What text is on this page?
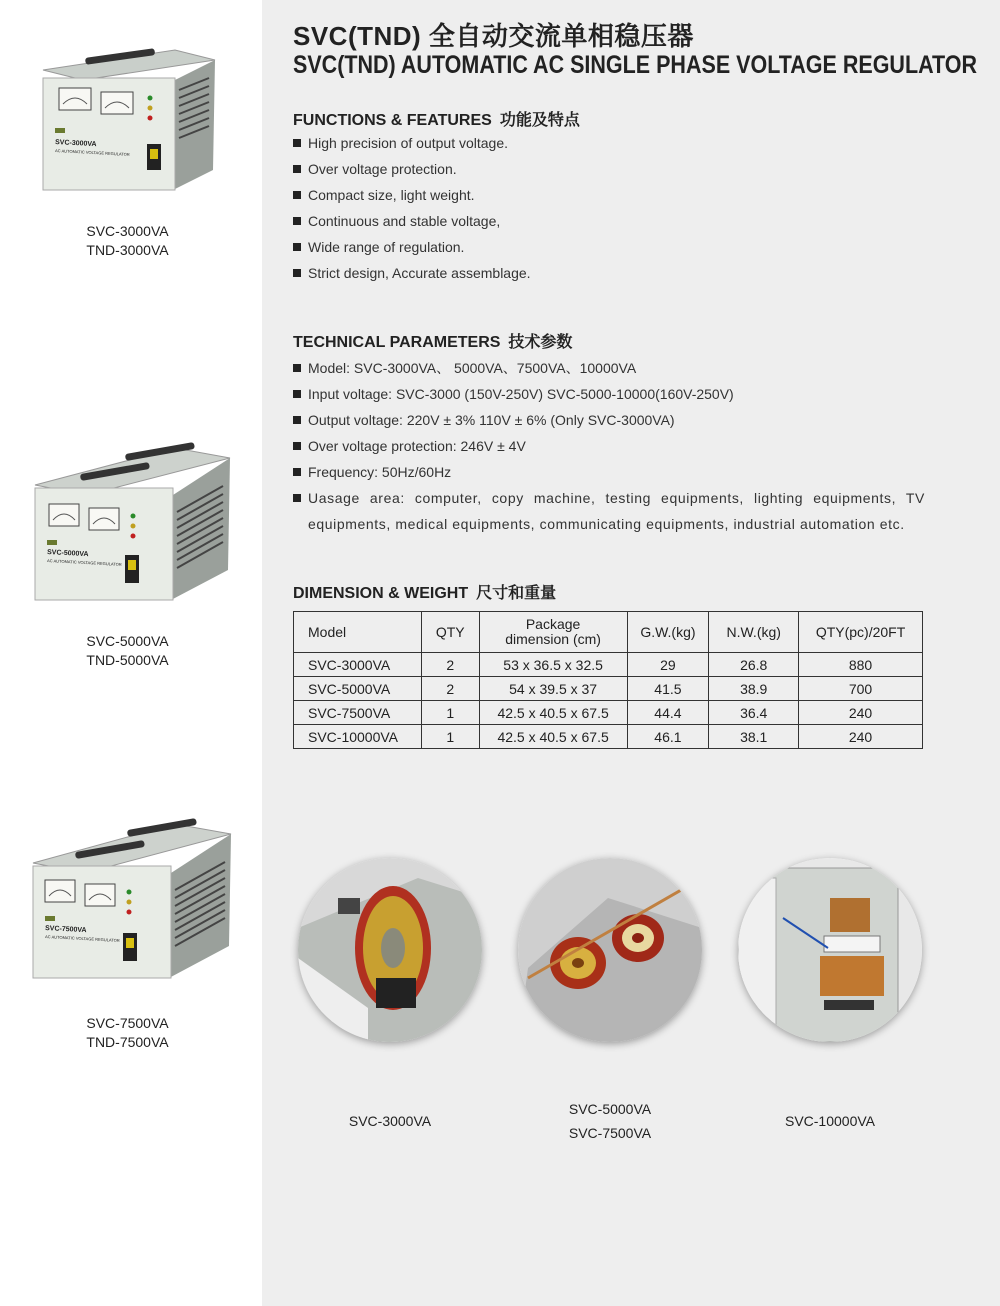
SVC-3000VA
AC AUTOMATIC VOLTAGE REGULATOR
SVC-3000VA
TND-3000VA
SVC-5000VA
AC AUTOMATIC VOLTAGE REGULATOR
SVC-5000VA
TND-5000VA
SVC-7500VA
AC AUTOMATIC VOLTAGE REGULATOR
SVC-7500VA
TND-7500VA
SVC(TND) 全自动交流单相稳压器
SVC(TND) AUTOMATIC AC SINGLE PHASE VOLTAGE REGULATOR
FUNCTIONS & FEATURES 功能及特点
High precision of output voltage.
Over voltage protection.
Compact size, light weight.
Continuous and stable voltage,
Wide range of regulation.
Strict design, Accurate assemblage.
TECHNICAL PARAMETERS 技术参数
Model: SVC-3000VA、 5000VA、7500VA、10000VA
Input voltage: SVC-3000 (150V-250V) SVC-5000-10000(160V-250V)
Output voltage: 220V ± 3% 110V ± 6% (Only SVC-3000VA)
Over voltage protection: 246V ± 4V
Frequency: 50Hz/60Hz
Uasage area: computer, copy machine, testing equipments, lighting equipments, TV equipments, medical equipments, communicating equipments, industrial automation etc.
DIMENSION & WEIGHT 尺寸和重量
Model	QTY	Package dimension (cm)	G.W.(kg)	N.W.(kg)	QTY(pc)/20FT
SVC-3000VA	2	53 x 36.5 x 32.5	29	26.8	880
SVC-5000VA	2	54 x 39.5 x 37	41.5	38.9	700
SVC-7500VA	1	42.5 x 40.5 x 67.5	44.4	36.4	240
SVC-10000VA	1	42.5 x 40.5 x 67.5	46.1	38.1	240
SVC-3000VA
SVC-5000VA
SVC-7500VA
SVC-10000VA
